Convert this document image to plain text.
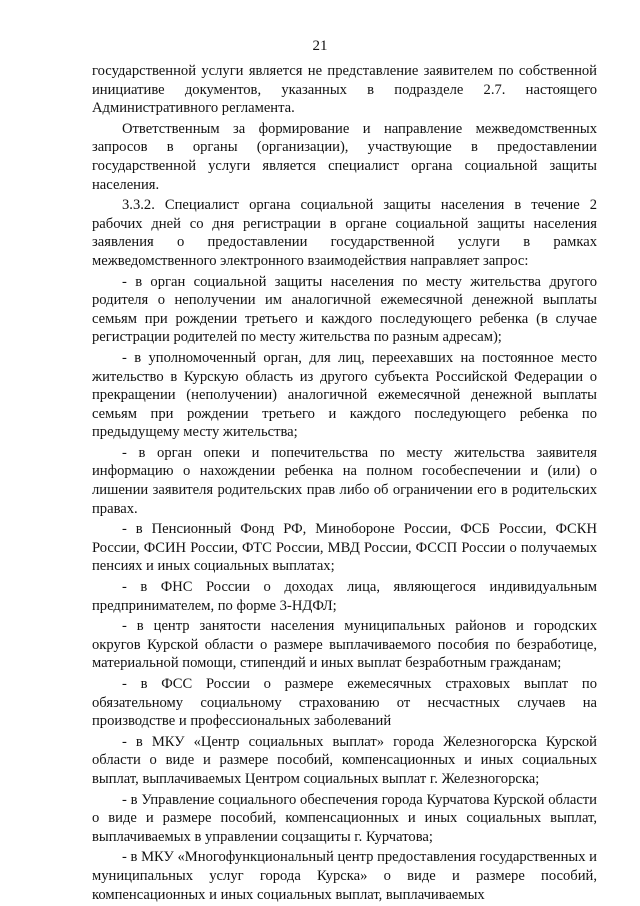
21

государственной услуги является не представление заявителем по собственной инициативе документов, указанных в подразделе 2.7. настоящего Административного регламента.

Ответственным за формирование и направление межведомственных запросов в органы (организации), участвующие в предоставлении государственной услуги является специалист органа социальной защиты населения.

3.3.2. Специалист органа социальной защиты населения в течение 2 рабочих дней со дня регистрации в органе социальной защиты населения заявления о предоставлении государственной услуги в рамках межведомственного электронного взаимодействия направляет запрос:

- в орган социальной защиты населения по месту жительства другого родителя о неполучении им аналогичной ежемесячной денежной выплаты семьям при рождении третьего и каждого последующего ребенка (в случае регистрации родителей по месту жительства по разным адресам);

- в уполномоченный орган, для лиц, переехавших на постоянное место жительство в Курскую область из другого субъекта Российской Федерации о прекращении (неполучении) аналогичной ежемесячной денежной выплаты семьям при рождении третьего и каждого последующего ребенка по предыдущему месту жительства;

- в орган опеки и попечительства по месту жительства заявителя информацию о нахождении ребенка на полном гособеспечении и (или) о лишении заявителя родительских прав либо об ограничении его в родительских правах.

- в Пенсионный Фонд РФ, Минобороне России, ФСБ России, ФСКН России, ФСИН России, ФТС России, МВД России, ФССП России о получаемых пенсиях и иных социальных выплатах;

- в ФНС России о доходах лица, являющегося индивидуальным предпринимателем, по форме 3-НДФЛ;

- в центр занятости населения муниципальных районов и городских округов Курской области о размере выплачиваемого пособия по безработице, материальной помощи, стипендий и иных выплат безработным гражданам;

- в ФСС России о размере ежемесячных страховых выплат по обязательному социальному страхованию от несчастных случаев на производстве и профессиональных заболеваний

- в МКУ «Центр социальных выплат» города Железногорска Курской области о виде и размере пособий, компенсационных и иных социальных выплат, выплачиваемых Центром социальных выплат г. Железногорска;

- в Управление социального обеспечения города Курчатова Курской области о виде и размере пособий, компенсационных и иных социальных выплат, выплачиваемых в управлении соцзащиты г. Курчатова;

- в МКУ «Многофункциональный центр предоставления государственных и муниципальных услуг города Курска» о виде и размере пособий, компенсационных и иных социальных выплат, выплачиваемых
